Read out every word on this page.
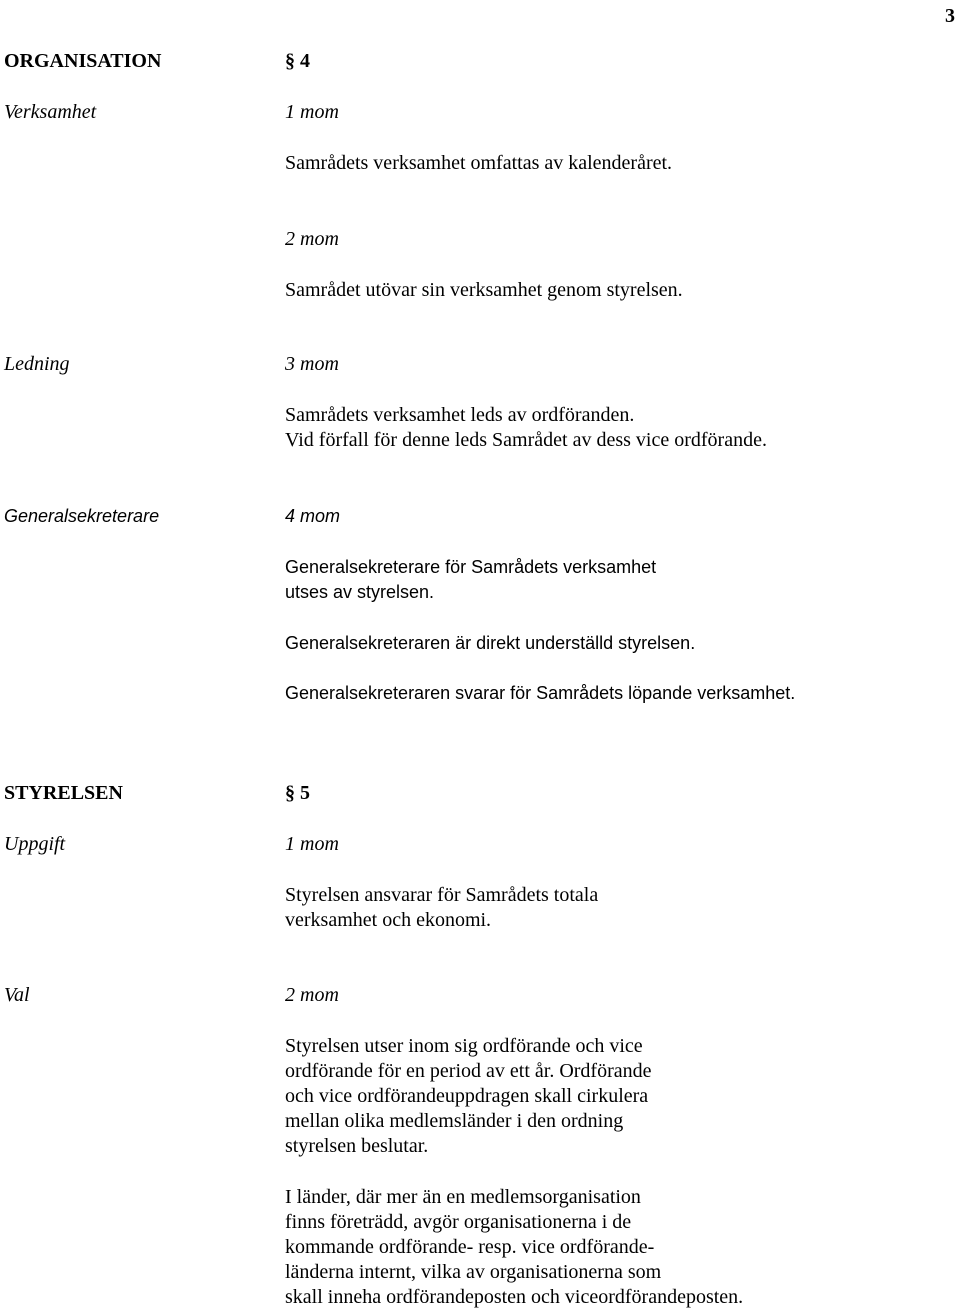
3
ORGANISATION	§ 4
Verksamhet	1 mom
Samrådets verksamhet omfattas av kalenderåret.
2 mom
Samrådet utövar sin verksamhet genom styrelsen.
Ledning	3 mom
Samrådets verksamhet leds av ordföranden.
Vid förfall för denne leds Samrådet av dess vice ordförande.
Generalsekreterare	4 mom
Generalsekreterare för Samrådets verksamhet
utses av styrelsen.
Generalsekreteraren är direkt underställd styrelsen.
Generalsekreteraren svarar för Samrådets löpande verksamhet.
STYRELSEN	§ 5
Uppgift	1 mom
Styrelsen ansvarar för Samrådets totala
verksamhet och ekonomi.
Val	2 mom
Styrelsen utser inom sig ordförande och vice
ordförande för en period av ett år. Ordförande
och vice ordförandeuppdragen skall cirkulera
mellan olika medlemsländer i den ordning
styrelsen beslutar.
I länder, där mer än en medlemsorganisation
finns företrädd, avgör organisationerna i de
kommande ordförande- resp. vice ordförande-
länderna internt, vilka av organisationerna som
skall inneha ordförandeposten och viceordförandeposten.
